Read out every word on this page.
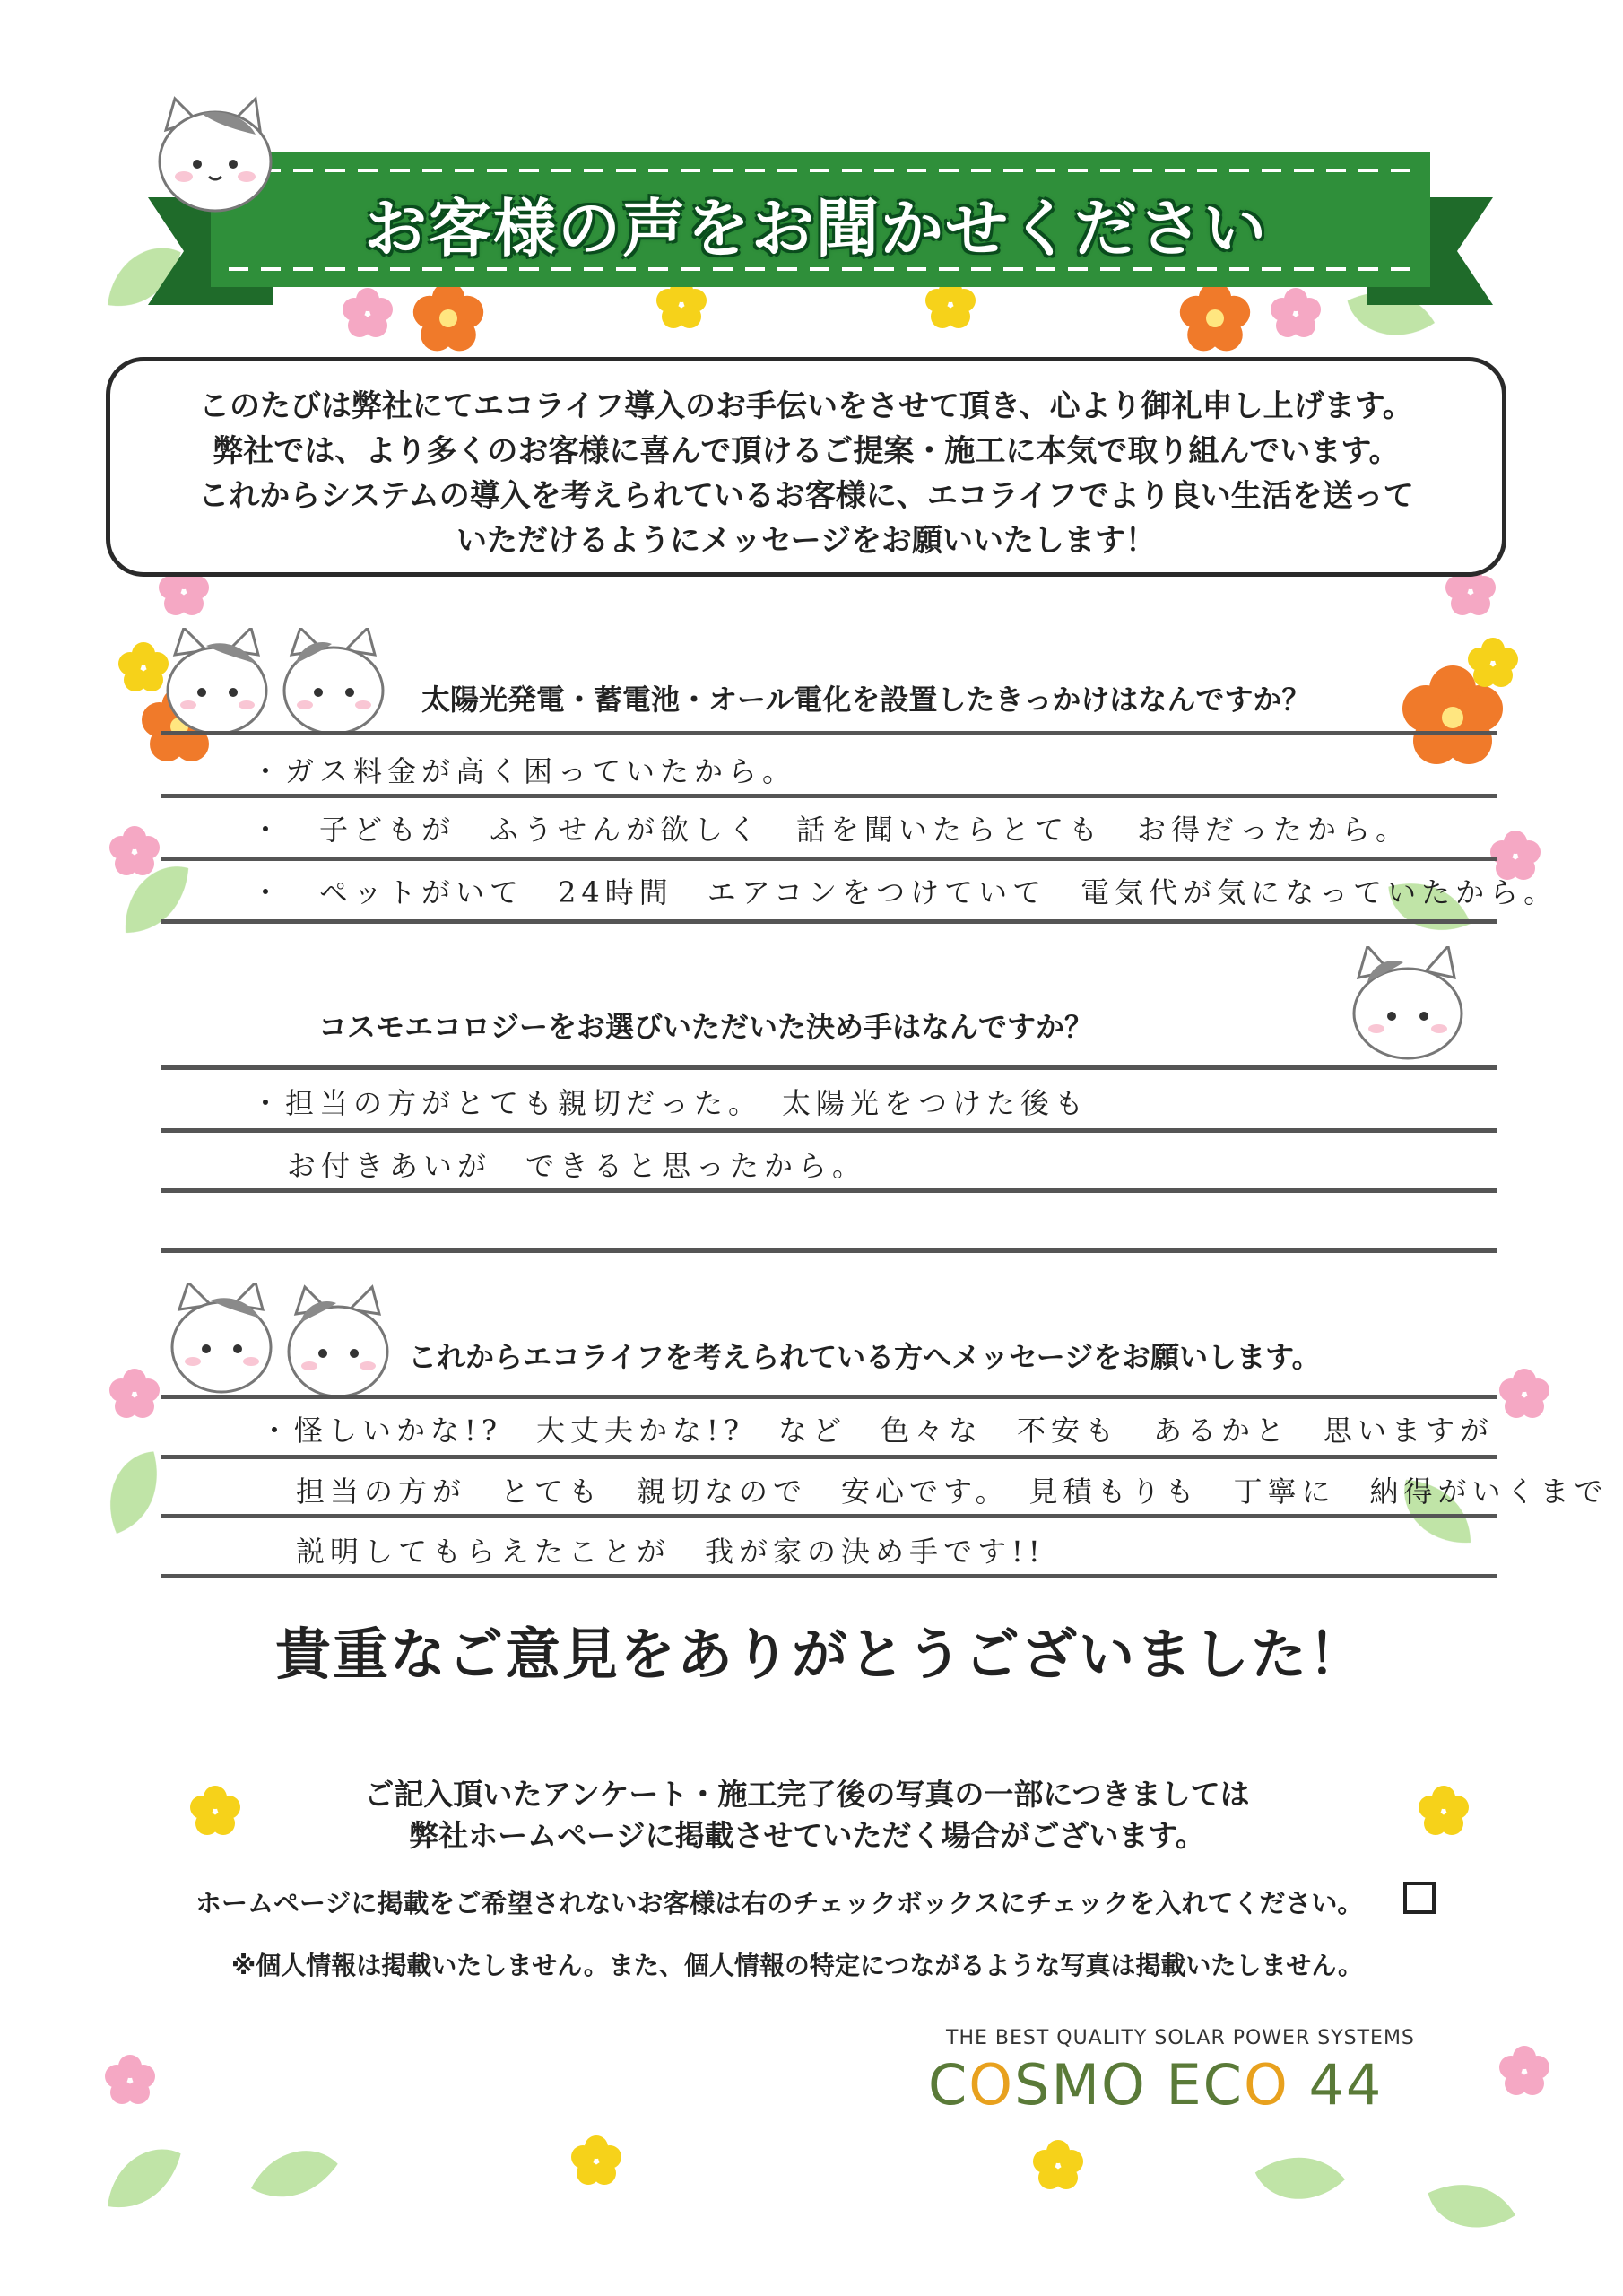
お客様の声をお聞かせください

このたびは弊社にてエコライフ導入のお手伝いをさせて頂き、心より御礼申し上げます。

弊社では、より多くのお客様に喜んで頂けるご提案・施工に本気で取り組んでいます。

これからシステムの導入を考えられているお客様に、エコライフでより良い生活を送って

いただけるようにメッセージをお願いいたします！

太陽光発電・蓄電池・オール電化を設置したきっかけはなんですか？
・ガス料金が高く困っていたから。
・　子どもが　ふうせんが欲しく　話を聞いたらとても　お得だったから。
・　ペットがいて　24時間　エアコンをつけていて　電気代が気になっていたから。
コスモエコロジーをお選びいただいた決め手はなんですか？
・担当の方がとても親切だった。　太陽光をつけた後も
お付きあいが　できると思ったから。
これからエコライフを考えられている方へメッセージをお願いします。
・怪しいかな!?　大丈夫かな!?　など　色々な　不安も　あるかと　思いますが
担当の方が　とても　親切なので　安心です。　見積もりも　丁寧に　納得がいくまで
説明してもらえたことが　我が家の決め手です!!
貴重なご意見をありがとうございました！
ご記入頂いたアンケート・施工完了後の写真の一部につきましては
弊社ホームページに掲載させていただく場合がございます。
ホームページに掲載をご希望されないお客様は右のチェックボックスにチェックを入れてください。
※個人情報は掲載いたしません。また、個人情報の特定につながるような写真は掲載いたしません。
THE BEST QUALITY SOLAR POWER SYSTEMS
COSMO ECO 44
